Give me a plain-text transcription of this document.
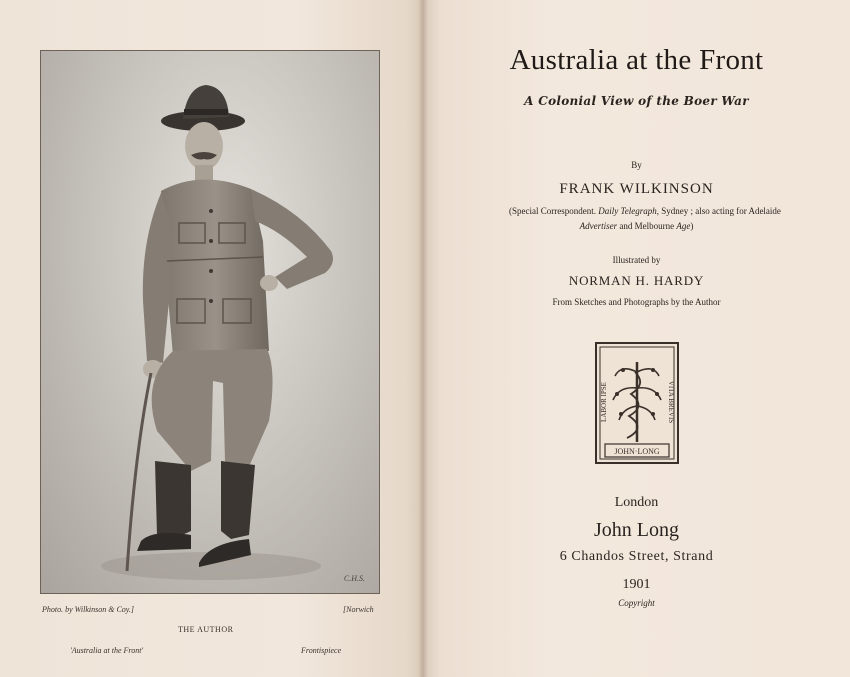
C.H.S.
Photo. by Wilkinson & Coy.]	[Norwich
THE AUTHOR
'Australia at the Front'	Frontispiece
Australia at the Front
A Colonial View of the Boer War
By
FRANK WILKINSON
(Special Correspondent. Daily Telegraph, Sydney ; also acting for Adelaide
Advertiser and Melbourne Age)
Illustrated by
NORMAN H. HARDY
From Sketches and Photographs by the Author
LABOR IPSE	VITA BREVIS
JOHN·LONG
London
John Long
6 Chandos Street, Strand
1901
Copyright
